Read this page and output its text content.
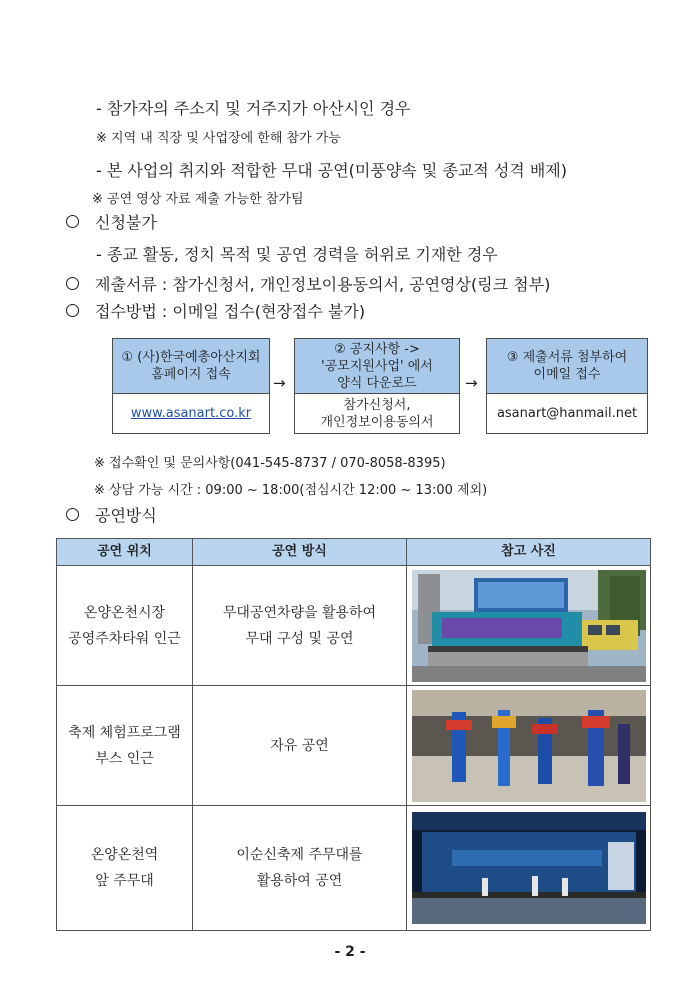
- 참가자의 주소지 및 거주지가 아산시인 경우
※ 지역 내 직장 및 사업장에 한해 참가 가능
- 본 사업의 취지와 적합한 무대 공연(미풍양속 및 종교적 성격 배제)
※ 공연 영상 자료 제출 가능한 참가팀
신청불가
- 종교 활동, 정치 목적 및 공연 경력을 허위로 기재한 경우
제출서류 : 참가신청서, 개인정보이용동의서, 공연영상(링크 첨부)
접수방법 : 이메일 접수(현장접수 불가)
① (사)한국예총아산지회
홈페이지 접속
www.asanart.co.kr
→
② 공지사항 ->
'공모지원사업' 에서
양식 다운로드
참가신청서,
개인정보이용동의서
→
③ 제출서류 첨부하여
이메일 접수
asanart@hanmail.net
※ 접수확인 및 문의사항(041-545-8737 / 070-8058-8395)
※ 상담 가능 시간 : 09:00 ~ 18:00(점심시간 12:00 ~ 13:00 제외)
공연방식
공연 위치	공연 방식	참고 사진
온양온천시장
공영주차타워 인근	무대공연차량을 활용하여
무대 구성 및 공연	

축제 체험프로그램
부스 인근	자유 공연	

온양온천역
앞 주무대	이순신축제 주무대를
활용하여 공연	
- 2 -
